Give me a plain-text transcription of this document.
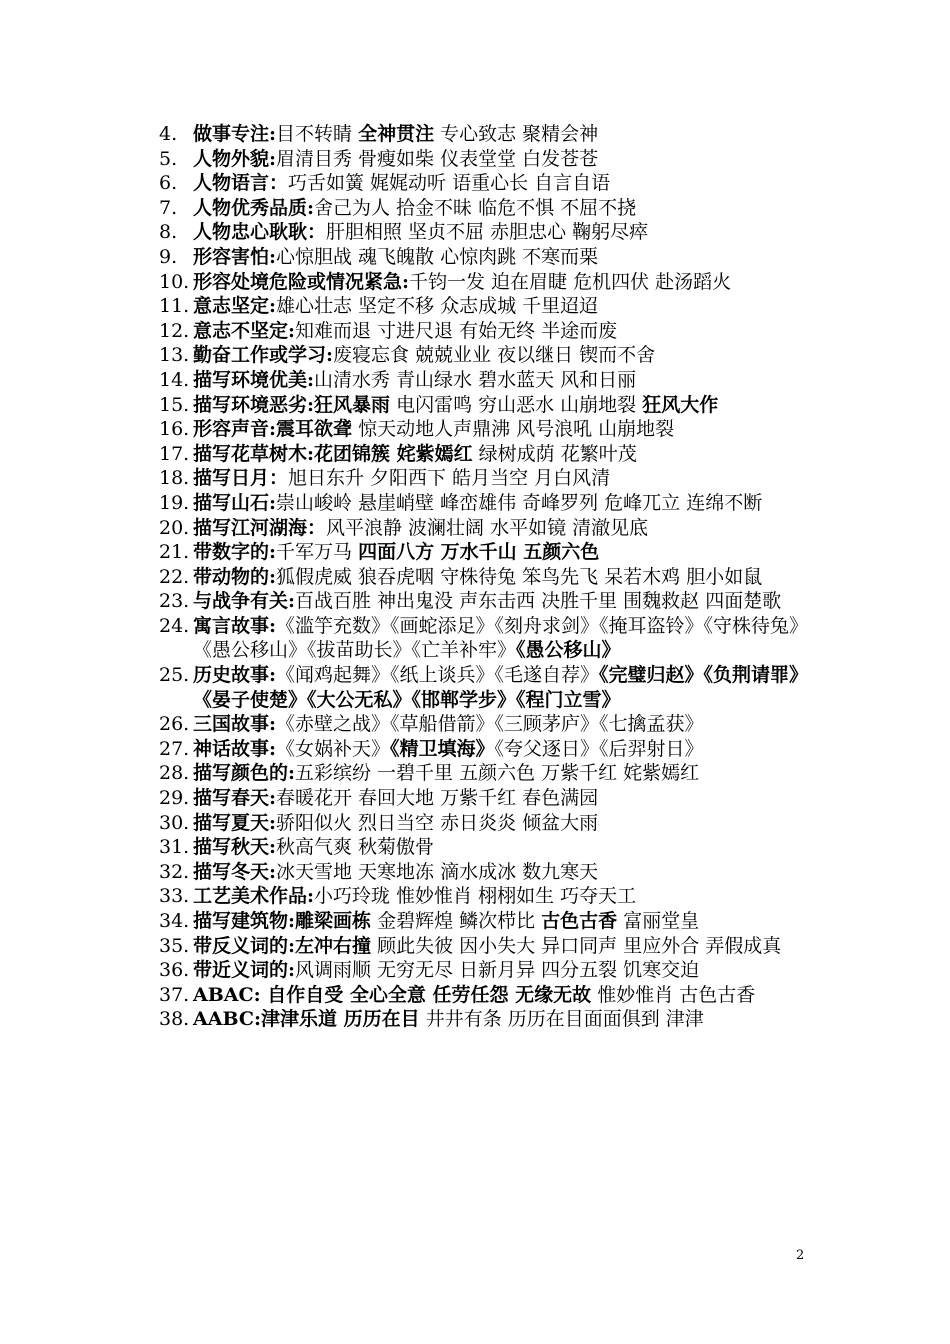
4. 做事专注:目不转睛 全神贯注 专心致志 聚精会神
5. 人物外貌:眉清目秀 骨瘦如柴 仪表堂堂 白发苍苍
6. 人物语言：巧舌如簧 娓娓动听 语重心长 自言自语
7. 人物优秀品质:舍己为人 拾金不昧 临危不惧 不屈不挠
8. 人物忠心耿耿：肝胆相照 坚贞不屈 赤胆忠心 鞠躬尽瘁
9. 形容害怕:心惊胆战 魂飞魄散 心惊肉跳 不寒而栗
10. 形容处境危险或情况紧急:千钧一发 迫在眉睫 危机四伏 赴汤蹈火
11. 意志坚定:雄心壮志 坚定不移 众志成城 千里迢迢
12. 意志不坚定:知难而退 寸进尺退 有始无终 半途而废
13. 勤奋工作或学习:废寝忘食 兢兢业业 夜以继日 锲而不舍
14. 描写环境优美:山清水秀 青山绿水 碧水蓝天 风和日丽
15. 描写环境恶劣:狂风暴雨 电闪雷鸣 穷山恶水 山崩地裂 狂风大作
16. 形容声音:震耳欲聋 惊天动地人声鼎沸 风号浪吼 山崩地裂
17. 描写花草树木:花团锦簇 姹紫嫣红 绿树成荫 花繁叶茂
18. 描写日月：旭日东升 夕阳西下 皓月当空 月白风清
19. 描写山石:崇山峻岭 悬崖峭壁 峰峦雄伟 奇峰罗列 危峰兀立 连绵不断
20. 描写江河湖海：风平浪静 波澜壮阔 水平如镜 清澈见底
21. 带数字的:千军万马 四面八方 万水千山 五颜六色
22. 带动物的:狐假虎威 狼吞虎咽 守株待兔 笨鸟先飞 呆若木鸡 胆小如鼠
23. 与战争有关:百战百胜 神出鬼没 声东击西 决胜千里 围魏救赵 四面楚歌
24. 寓言故事:《滥竽充数》《画蛇添足》《刻舟求剑》《掩耳盗铃》《守株待兔》《愚公移山》《拔苗助长》《亡羊补牢》《愚公移山》
25. 历史故事:《闻鸡起舞》《纸上谈兵》《毛遂自荐》《完璧归赵》《负荆请罪》《晏子使楚》《大公无私》《邯郸学步》《程门立雪》
26. 三国故事:《赤壁之战》《草船借箭》《三顾茅庐》《七擒孟获》
27. 神话故事:《女娲补天》《精卫填海》《夸父逐日》《后羿射日》
28. 描写颜色的:五彩缤纷 一碧千里 五颜六色 万紫千红 姹紫嫣红
29. 描写春天:春暖花开 春回大地 万紫千红 春色满园
30. 描写夏天:骄阳似火 烈日当空 赤日炎炎 倾盆大雨
31. 描写秋天:秋高气爽 秋菊傲骨
32. 描写冬天:冰天雪地 天寒地冻 滴水成冰 数九寒天
33. 工艺美术作品:小巧玲珑 惟妙惟肖 栩栩如生 巧夺天工
34. 描写建筑物:雕梁画栋 金碧辉煌 鳞次栉比 古色古香 富丽堂皇
35. 带反义词的:左冲右撞 顾此失彼 因小失大 异口同声 里应外合 弄假成真
36. 带近义词的:风调雨顺 无穷无尽 日新月异 四分五裂 饥寒交迫
37. ABAC: 自作自受 全心全意 任劳任怨 无缘无故 惟妙惟肖 古色古香
38. AABC:津津乐道 历历在目 井井有条 历历在目面面俱到 津津
2
